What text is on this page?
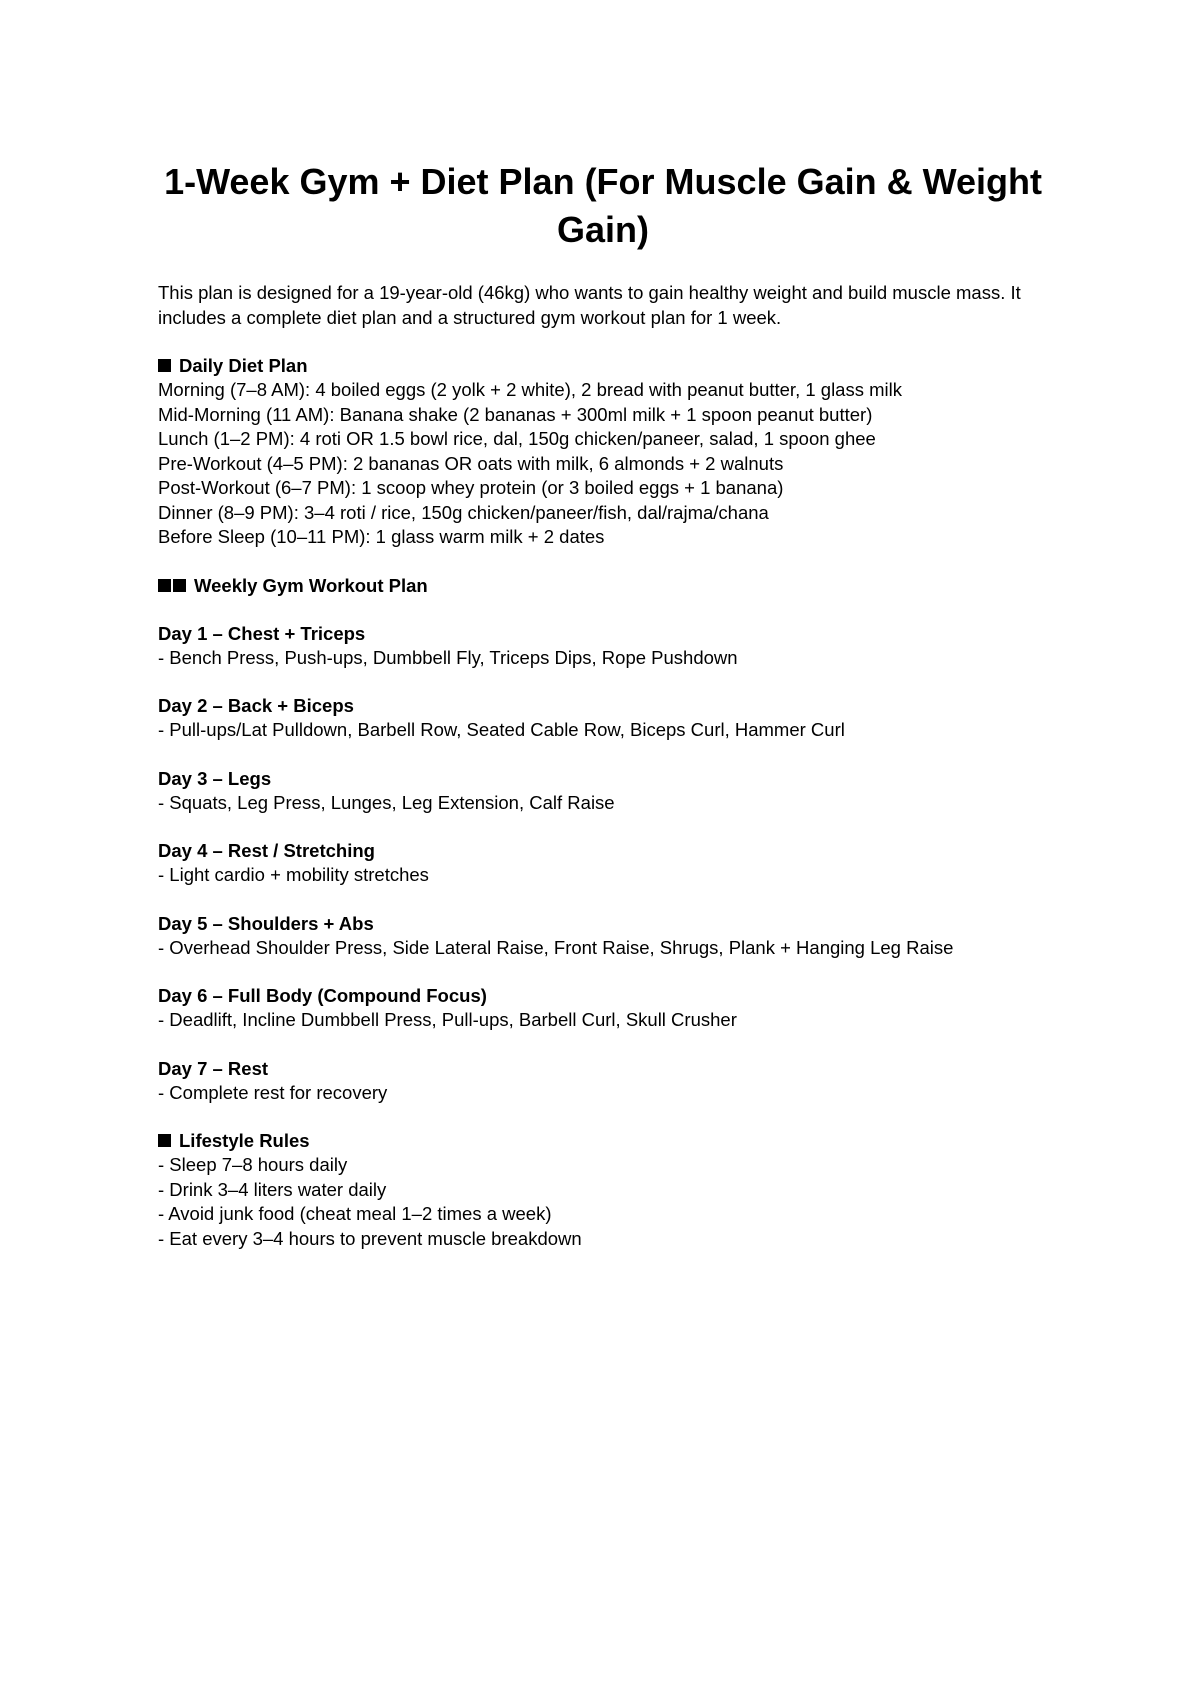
1-Week Gym + Diet Plan (For Muscle Gain & Weight Gain)
This plan is designed for a 19-year-old (46kg) who wants to gain healthy weight and build muscle mass. It includes a complete diet plan and a structured gym workout plan for 1 week.
Daily Diet Plan
Morning (7–8 AM): 4 boiled eggs (2 yolk + 2 white), 2 bread with peanut butter, 1 glass milk
Mid-Morning (11 AM): Banana shake (2 bananas + 300ml milk + 1 spoon peanut butter)
Lunch (1–2 PM): 4 roti OR 1.5 bowl rice, dal, 150g chicken/paneer, salad, 1 spoon ghee
Pre-Workout (4–5 PM): 2 bananas OR oats with milk, 6 almonds + 2 walnuts
Post-Workout (6–7 PM): 1 scoop whey protein (or 3 boiled eggs + 1 banana)
Dinner (8–9 PM): 3–4 roti / rice, 150g chicken/paneer/fish, dal/rajma/chana
Before Sleep (10–11 PM): 1 glass warm milk + 2 dates
Weekly Gym Workout Plan
Day 1 – Chest + Triceps
- Bench Press, Push-ups, Dumbbell Fly, Triceps Dips, Rope Pushdown
Day 2 – Back + Biceps
- Pull-ups/Lat Pulldown, Barbell Row, Seated Cable Row, Biceps Curl, Hammer Curl
Day 3 – Legs
- Squats, Leg Press, Lunges, Leg Extension, Calf Raise
Day 4 – Rest / Stretching
- Light cardio + mobility stretches
Day 5 – Shoulders + Abs
- Overhead Shoulder Press, Side Lateral Raise, Front Raise, Shrugs, Plank + Hanging Leg Raise
Day 6 – Full Body (Compound Focus)
- Deadlift, Incline Dumbbell Press, Pull-ups, Barbell Curl, Skull Crusher
Day 7 – Rest
- Complete rest for recovery
Lifestyle Rules
- Sleep 7–8 hours daily
- Drink 3–4 liters water daily
- Avoid junk food (cheat meal 1–2 times a week)
- Eat every 3–4 hours to prevent muscle breakdown
